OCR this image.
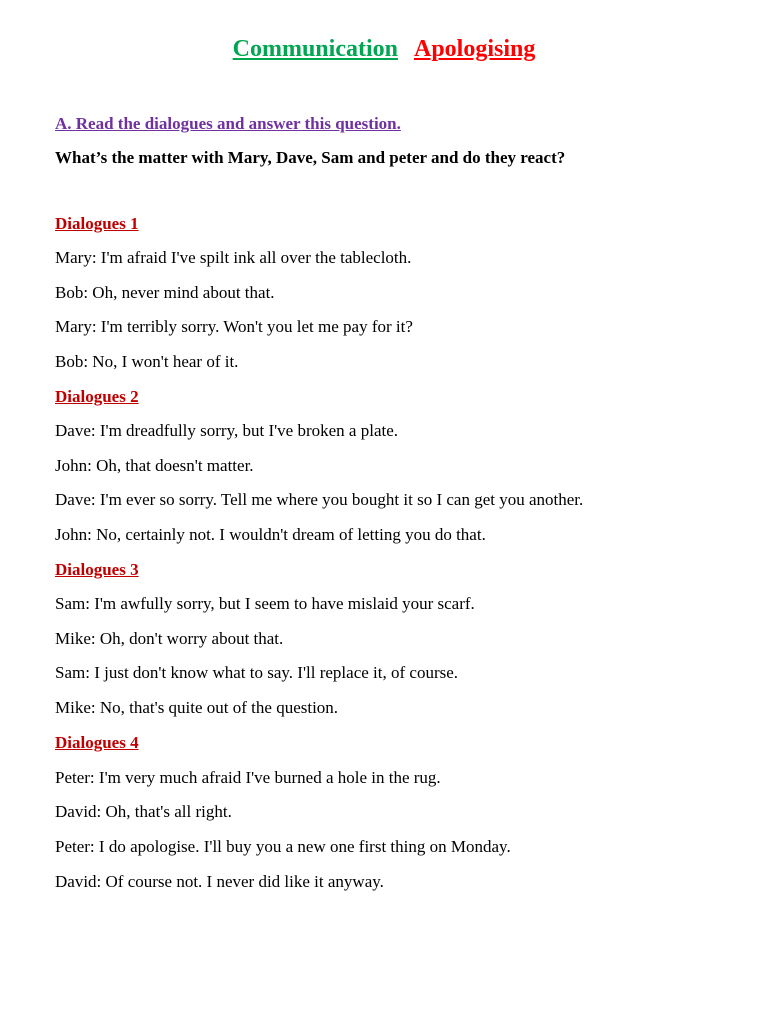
Communication Apologising
A. Read the dialogues and answer this question.
What’s the matter with Mary, Dave, Sam and peter and do they react?
Dialogues 1
Mary: I'm afraid I've spilt ink all over the tablecloth.
Bob: Oh, never mind about that.
Mary: I'm terribly sorry. Won't you let me pay for it?
Bob: No, I won't hear of it.
Dialogues 2
Dave: I'm dreadfully sorry, but I've broken a plate.
John: Oh, that doesn't matter.
Dave: I'm ever so sorry. Tell me where you bought it so I can get you another.
John: No, certainly not. I wouldn't dream of letting you do that.
Dialogues 3
Sam: I'm awfully sorry, but I seem to have mislaid your scarf.
Mike: Oh, don't worry about that.
Sam: I just don't know what to say. I'll replace it, of course.
Mike: No, that's quite out of the question.
Dialogues 4
Peter: I'm very much afraid I've burned a hole in the rug.
David: Oh, that's all right.
Peter: I do apologise. I'll buy you a new one first thing on Monday.
David: Of course not. I never did like it anyway.
